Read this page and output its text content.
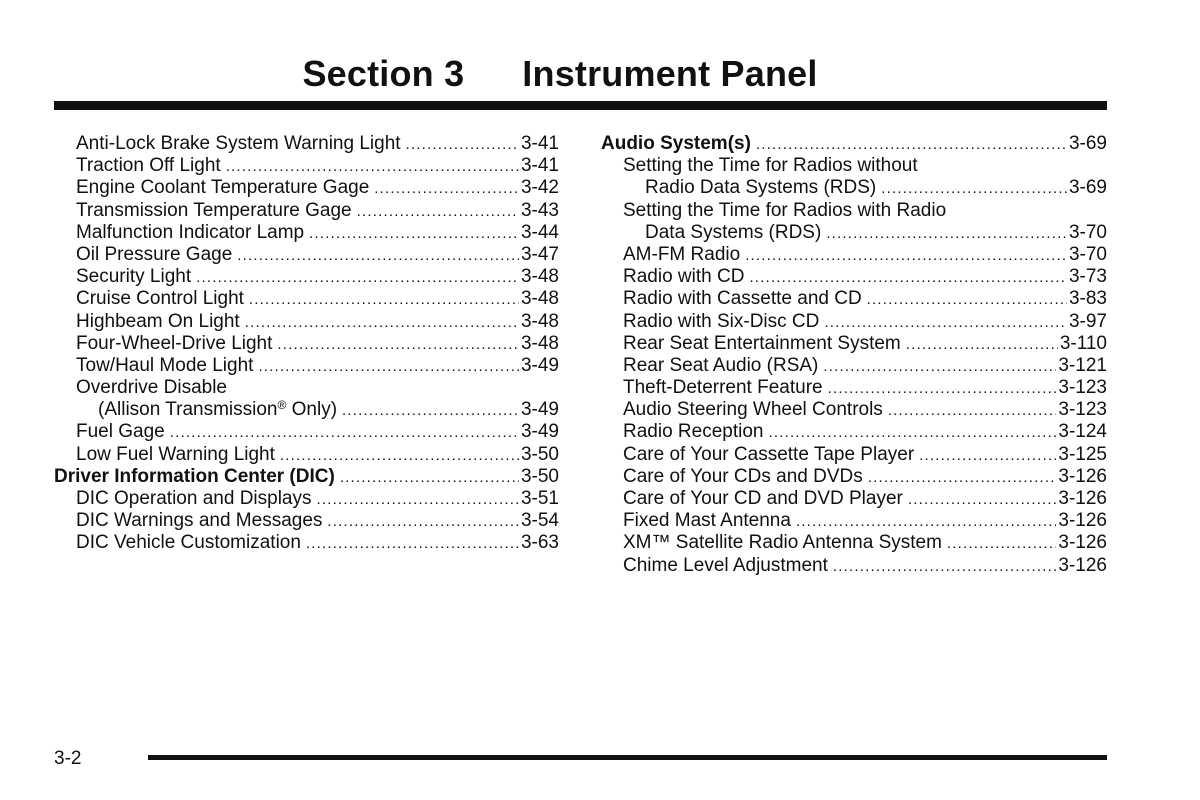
Section 3 Instrument Panel
Anti-Lock Brake System Warning Light .....	3-41
Traction Off Light .....	3-41
Engine Coolant Temperature Gage .....	3-42
Transmission Temperature Gage .....	3-43
Malfunction Indicator Lamp .....	3-44
Oil Pressure Gage .....	3-47
Security Light .....	3-48
Cruise Control Light .....	3-48
Highbeam On Light .....	3-48
Four-Wheel-Drive Light .....	3-48
Tow/Haul Mode Light .....	3-49
Overdrive Disable
(Allison Transmission® Only) .....	3-49
Fuel Gage .....	3-49
Low Fuel Warning Light .....	3-50
Driver Information Center (DIC) .....	3-50
DIC Operation and Displays .....	3-51
DIC Warnings and Messages .....	3-54
DIC Vehicle Customization .....	3-63
Audio System(s) .....	3-69
Setting the Time for Radios without
Radio Data Systems (RDS) .....	3-69
Setting the Time for Radios with Radio
Data Systems (RDS) .....	3-70
AM-FM Radio .....	3-70
Radio with CD .....	3-73
Radio with Cassette and CD .....	3-83
Radio with Six-Disc CD .....	3-97
Rear Seat Entertainment System .....	3-110
Rear Seat Audio (RSA) .....	3-121
Theft-Deterrent Feature .....	3-123
Audio Steering Wheel Controls .....	3-123
Radio Reception .....	3-124
Care of Your Cassette Tape Player .....	3-125
Care of Your CDs and DVDs .....	3-126
Care of Your CD and DVD Player .....	3-126
Fixed Mast Antenna .....	3-126
XM™ Satellite Radio Antenna System .....	3-126
Chime Level Adjustment .....	3-126
3-2
